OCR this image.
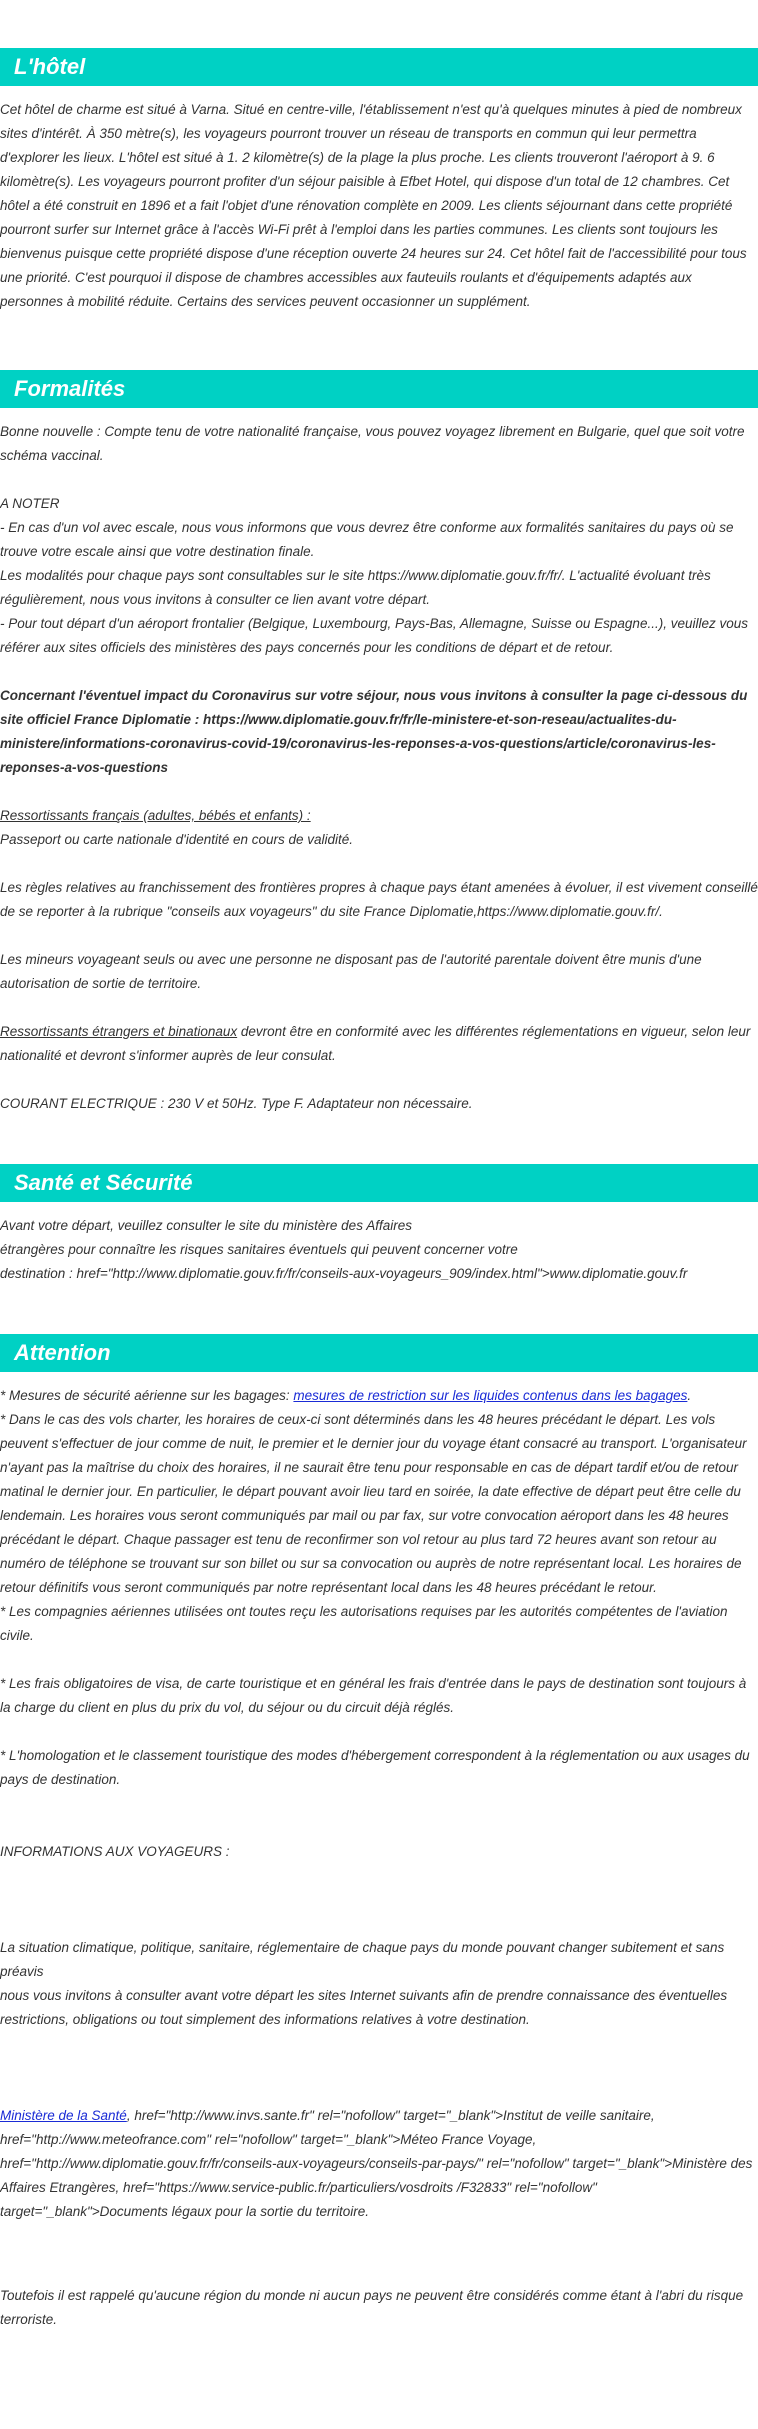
L'hôtel

Cet hôtel de charme est situé à Varna. Situé en centre-ville, l'établissement n'est qu'à quelques minutes à pied de nombreux sites d'intérêt. À 350 mètre(s), les voyageurs pourront trouver un réseau de transports en commun qui leur permettra d'explorer les lieux. L'hôtel est situé à 1. 2 kilomètre(s) de la plage la plus proche. Les clients trouveront l'aéroport à 9. 6 kilomètre(s). Les voyageurs pourront profiter d'un séjour paisible à Efbet Hotel, qui dispose d'un total de 12 chambres. Cet hôtel a été construit en 1896 et a fait l'objet d'une rénovation complète en 2009. Les clients séjournant dans cette propriété pourront surfer sur Internet grâce à l'accès Wi-Fi prêt à l'emploi dans les parties communes. Les clients sont toujours les bienvenus puisque cette propriété dispose d'une réception ouverte 24 heures sur 24. Cet hôtel fait de l'accessibilité pour tous une priorité. C'est pourquoi il dispose de chambres accessibles aux fauteuils roulants et d'équipements adaptés aux personnes à mobilité réduite. Certains des services peuvent occasionner un supplément.

Formalités

Bonne nouvelle : Compte tenu de votre nationalité française, vous pouvez voyagez librement en Bulgarie, quel que soit votre schéma vaccinal.

A NOTER

- En cas d'un vol avec escale, nous vous informons que vous devrez être conforme aux formalités sanitaires du pays où se trouve votre escale ainsi que votre destination finale.

Les modalités pour chaque pays sont consultables sur le site https://www.diplomatie.gouv.fr/fr/. L'actualité évoluant très régulièrement, nous vous invitons à consulter ce lien avant votre départ.

- Pour tout départ d'un aéroport frontalier (Belgique, Luxembourg, Pays-Bas, Allemagne, Suisse ou Espagne...), veuillez vous référer aux sites officiels des ministères des pays concernés pour les conditions de départ et de retour.

Concernant l'éventuel impact du Coronavirus sur votre séjour, nous vous invitons à consulter la page ci-dessous du site officiel France Diplomatie : https://www.diplomatie.gouv.fr/fr/le-ministere-et-son-reseau/actualites-du-ministere/informations-coronavirus-covid-19/coronavirus-les-reponses-a-vos-questions/article/coronavirus-les-reponses-a-vos-questions

Ressortissants français (adultes, bébés et enfants) :

Passeport ou carte nationale d'identité en cours de validité.

Les règles relatives au franchissement des frontières propres à chaque pays étant amenées à évoluer, il est vivement conseillé de se reporter à la rubrique "conseils aux voyageurs" du site France Diplomatie,https://www.diplomatie.gouv.fr/.

Les mineurs voyageant seuls ou avec une personne ne disposant pas de l'autorité parentale doivent être munis d'une autorisation de sortie de territoire.

Ressortissants étrangers et binationaux devront être en conformité avec les différentes réglementations en vigueur, selon leur nationalité et devront s'informer auprès de leur consulat.

COURANT ELECTRIQUE : 230 V et 50Hz. Type F. Adaptateur non nécessaire.

Santé et Sécurité

Avant votre départ, veuillez consulter le site du ministère des Affaires

étrangères pour connaître les risques sanitaires éventuels qui peuvent concerner votre

destination : href="http://www.diplomatie.gouv.fr/fr/conseils-aux-voyageurs_909/index.html">www.diplomatie.gouv.fr

Attention

* Mesures de sécurité aérienne sur les bagages: mesures de restriction sur les liquides contenus dans les bagages.

* Dans le cas des vols charter, les horaires de ceux-ci sont déterminés dans les 48 heures précédant le départ. Les vols peuvent s'effectuer de jour comme de nuit, le premier et le dernier jour du voyage étant consacré au transport. L'organisateur n'ayant pas la maîtrise du choix des horaires, il ne saurait être tenu pour responsable en cas de départ tardif et/ou de retour matinal le dernier jour. En particulier, le départ pouvant avoir lieu tard en soirée, la date effective de départ peut être celle du lendemain. Les horaires vous seront communiqués par mail ou par fax, sur votre convocation aéroport dans les 48 heures précédant le départ. Chaque passager est tenu de reconfirmer son vol retour au plus tard 72 heures avant son retour au numéro de téléphone se trouvant sur son billet ou sur sa convocation ou auprès de notre représentant local. Les horaires de retour définitifs vous seront communiqués par notre représentant local dans les 48 heures précédant le retour.

* Les compagnies aériennes utilisées ont toutes reçu les autorisations requises par les autorités compétentes de l'aviation civile.

* Les frais obligatoires de visa, de carte touristique et en général les frais d'entrée dans le pays de destination sont toujours à la charge du client en plus du prix du vol, du séjour ou du circuit déjà réglés.

* L'homologation et le classement touristique des modes d'hébergement correspondent à la réglementation ou aux usages du pays de destination.

INFORMATIONS AUX VOYAGEURS :

La situation climatique, politique, sanitaire, réglementaire de chaque pays du monde pouvant changer subitement et sans préavis

nous vous invitons à consulter avant votre départ les sites Internet suivants afin de prendre connaissance des éventuelles restrictions, obligations ou tout simplement des informations relatives à votre destination.

Ministère de la Santé, href="http://www.invs.sante.fr" rel="nofollow" target="_blank">Institut de veille sanitaire, href="http://www.meteofrance.com" rel="nofollow" target="_blank">Méteo France Voyage, href="http://www.diplomatie.gouv.fr/fr/conseils-aux-voyageurs/conseils-par-pays/" rel="nofollow" target="_blank">Ministère des Affaires Etrangères, href="https://www.service-public.fr/particuliers/vosdroits /F32833" rel="nofollow" target="_blank">Documents légaux pour la sortie du territoire.

Toutefois il est rappelé qu'aucune région du monde ni aucun pays ne peuvent être considérés comme étant à l'abri du risque terroriste.
